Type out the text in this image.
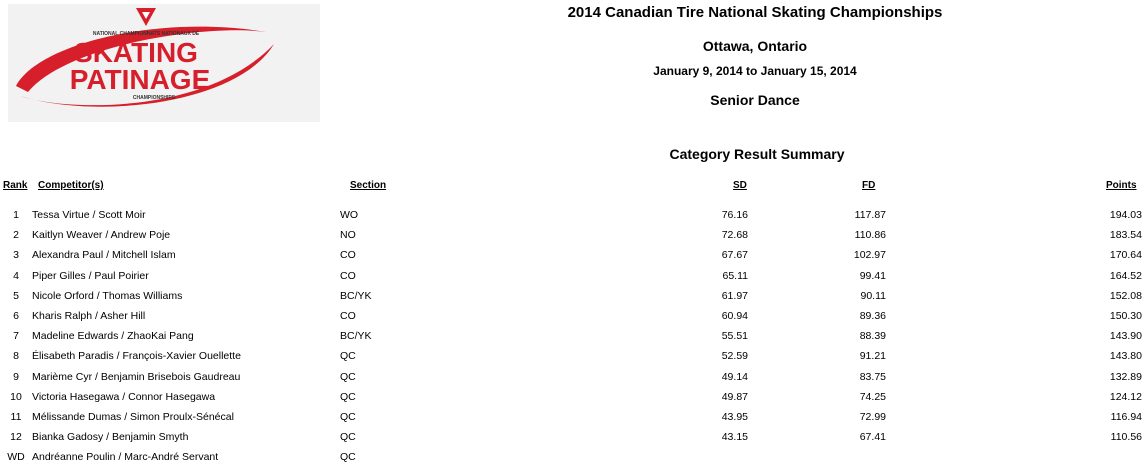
NATIONAL CHAMPIONNATS NATIONAUX DE
SKATING
PATINAGE
CHAMPIONSHIPS
2014 Canadian Tire National Skating Championships
Ottawa, Ontario
January 9, 2014 to January 15, 2014
Senior Dance
Category Result Summary
Rank Competitor(s)	Section	SD	FD	Points
1	Tessa Virtue / Scott Moir	WO	76.16	117.87	194.03
2	Kaitlyn Weaver / Andrew Poje	NO	72.68	110.86	183.54
3	Alexandra Paul / Mitchell Islam	CO	67.67	102.97	170.64
4	Piper Gilles / Paul Poirier	CO	65.11	99.41	164.52
5	Nicole Orford / Thomas Williams	BC/YK	61.97	90.11	152.08
6	Kharis Ralph / Asher Hill	CO	60.94	89.36	150.30
7	Madeline Edwards / ZhaoKai Pang	BC/YK	55.51	88.39	143.90
8	Élisabeth Paradis / François-Xavier Ouellette	QC	52.59	91.21	143.80
9	Marième Cyr / Benjamin Brisebois Gaudreau	QC	49.14	83.75	132.89
10	Victoria Hasegawa / Connor Hasegawa	QC	49.87	74.25	124.12
11	Mélissande Dumas / Simon Proulx-Sénécal	QC	43.95	72.99	116.94
12	Bianka Gadosy / Benjamin Smyth	QC	43.15	67.41	110.56
WD	Andréanne Poulin / Marc-André Servant	QC			
